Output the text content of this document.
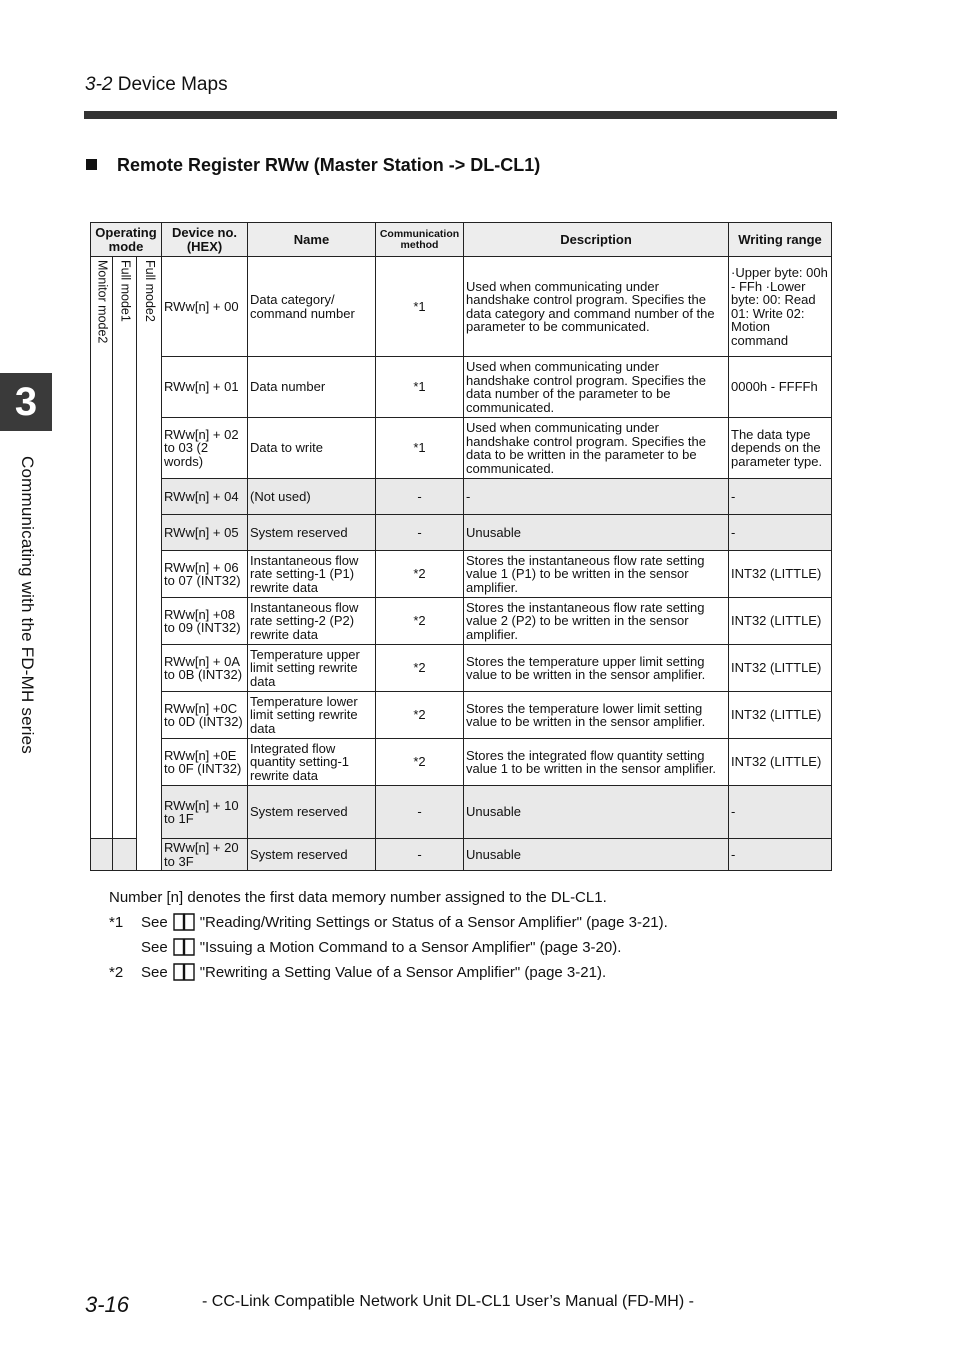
3-2 Device Maps
Remote Register RWw (Master Station -> DL-CL1)
3
Communicating with the FD-MH series
Operating mode			Device no. (HEX)	Name	Communication method	Description	Writing range

Monitor mode2	Full mode1	Full mode2	RWw[n] + 00	Data category/ command number	*1	Used when communicating under handshake control program. Specifies the data category and command number of the parameter to be communicated.	·Upper byte: 00h - FFh ·Lower byte: 00: Read 01: Write 02: Motion command
			RWw[n] + 01	Data number	*1	Used when communicating under handshake control program. Specifies the data number of the parameter to be communicated.	0000h - FFFFh
			RWw[n] + 02 to 03 (2 words)	Data to write	*1	Used when communicating under handshake control program. Specifies the data to be written in the parameter to be communicated.	The data type depends on the parameter type.
			RWw[n] + 04	(Not used)	-	-	-
			RWw[n] + 05	System reserved	-	Unusable	-
			RWw[n] + 06 to 07 (INT32)	Instantaneous flow rate setting-1 (P1) rewrite data	*2	Stores the instantaneous flow rate setting value 1 (P1) to be written in the sensor amplifier.	INT32 (LITTLE)
			RWw[n] +08 to 09 (INT32)	Instantaneous flow rate setting-2 (P2) rewrite data	*2	Stores the instantaneous flow rate setting value 2 (P2) to be written in the sensor amplifier.	INT32 (LITTLE)
			RWw[n] + 0A to 0B (INT32)	Temperature upper limit setting rewrite data	*2	Stores the temperature upper limit setting value to be written in the sensor amplifier.	INT32 (LITTLE)
			RWw[n] +0C to 0D (INT32)	Temperature lower limit setting rewrite data	*2	Stores the temperature lower limit setting value to be written in the sensor amplifier.	INT32 (LITTLE)
			RWw[n] +0E to 0F (INT32)	Integrated flow quantity setting-1 rewrite data	*2	Stores the integrated flow quantity setting value 1 to be written in the sensor amplifier.	INT32 (LITTLE)
			RWw[n] + 10 to 1F	System reserved	-	Unusable	-
			RWw[n] + 20 to 3F	System reserved	-	Unusable	-
Number [n] denotes the first data memory number assigned to the DL-CL1.
*1 See "Reading/Writing Settings or Status of a Sensor Amplifier" (page 3-21).
See "Issuing a Motion Command to a Sensor Amplifier" (page 3-20).
*2 See "Rewriting a Setting Value of a Sensor Amplifier" (page 3-21).
3-16	- CC-Link Compatible Network Unit DL-CL1 User’s Manual (FD-MH) -
